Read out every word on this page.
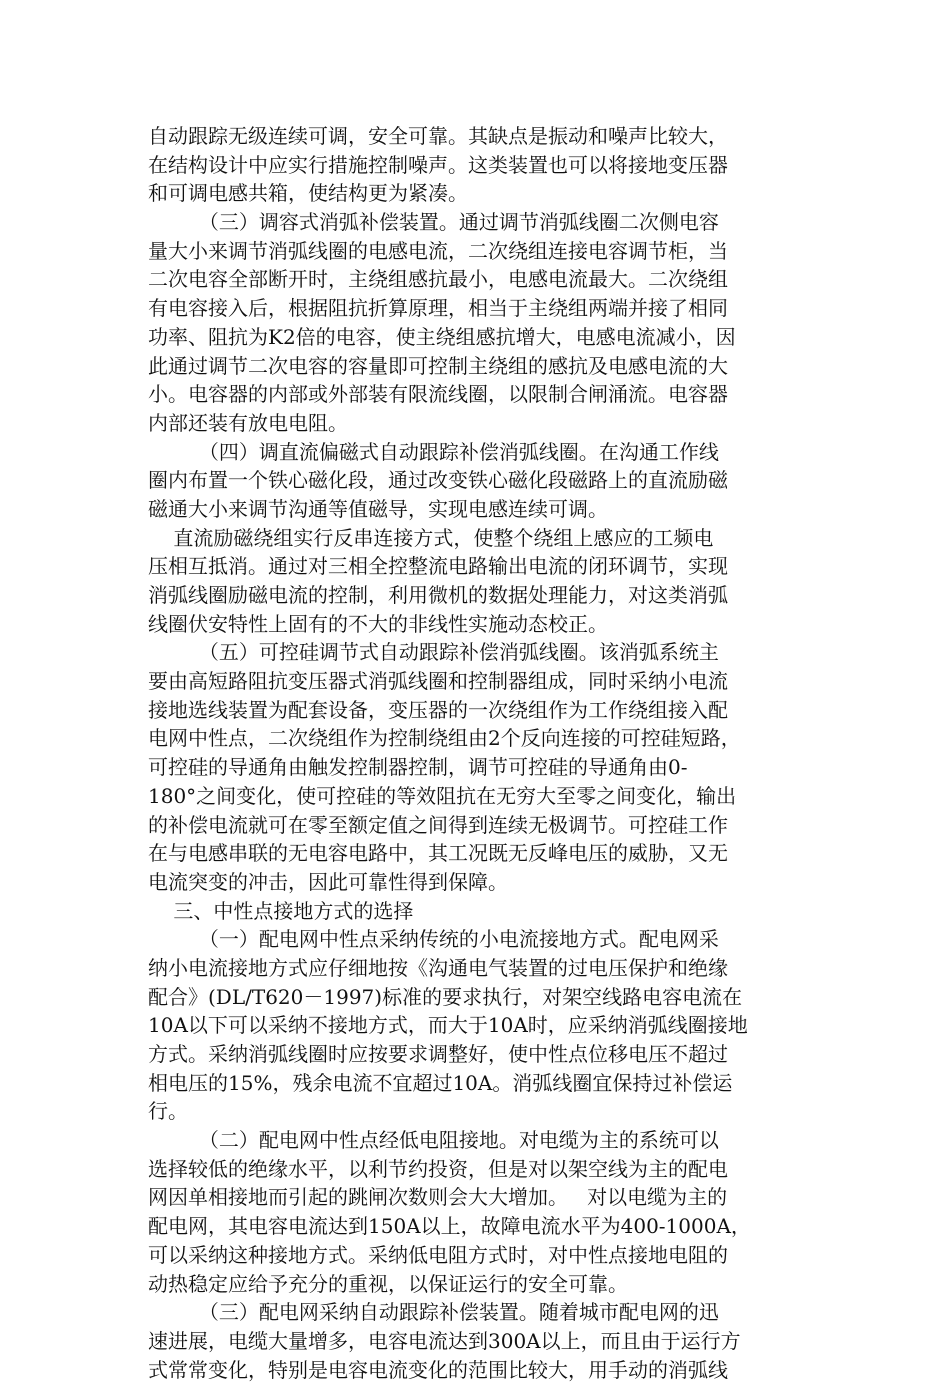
自动跟踪无级连续可调，安全可靠。其缺点是振动和噪声比较大，
在结构设计中应实行措施控制噪声。这类装置也可以将接地变压器
和可调电感共箱，使结构更为紧凑。
（三）调容式消弧补偿装置。通过调节消弧线圈二次侧电容
量大小来调节消弧线圈的电感电流，二次绕组连接电容调节柜，当
二次电容全部断开时，主绕组感抗最小，电感电流最大。二次绕组
有电容接入后，根据阻抗折算原理，相当于主绕组两端并接了相同
功率、阻抗为K2倍的电容，使主绕组感抗增大，电感电流减小，因
此通过调节二次电容的容量即可控制主绕组的感抗及电感电流的大
小。电容器的内部或外部装有限流线圈，以限制合闸涌流。电容器
内部还装有放电电阻。
（四）调直流偏磁式自动跟踪补偿消弧线圈。在沟通工作线
圈内布置一个铁心磁化段，通过改变铁心磁化段磁路上的直流励磁
磁通大小来调节沟通等值磁导，实现电感连续可调。
直流励磁绕组实行反串连接方式，使整个绕组上感应的工频电
压相互抵消。通过对三相全控整流电路输出电流的闭环调节，实现
消弧线圈励磁电流的控制，利用微机的数据处理能力，对这类消弧
线圈伏安特性上固有的不大的非线性实施动态校正。
（五）可控硅调节式自动跟踪补偿消弧线圈。该消弧系统主
要由高短路阻抗变压器式消弧线圈和控制器组成，同时采纳小电流
接地选线装置为配套设备，变压器的一次绕组作为工作绕组接入配
电网中性点，二次绕组作为控制绕组由2个反向连接的可控硅短路，
可控硅的导通角由触发控制器控制，调节可控硅的导通角由0-
180°之间变化，使可控硅的等效阻抗在无穷大至零之间变化，输出
的补偿电流就可在零至额定值之间得到连续无极调节。可控硅工作
在与电感串联的无电容电路中，其工况既无反峰电压的威胁，又无
电流突变的冲击，因此可靠性得到保障。
三、中性点接地方式的选择
（一）配电网中性点采纳传统的小电流接地方式。配电网采
纳小电流接地方式应仔细地按《沟通电气装置的过电压保护和绝缘
配合》(DL/T620－1997)标准的要求执行，对架空线路电容电流在
10A以下可以采纳不接地方式，而大于10A时，应采纳消弧线圈接地
方式。采纳消弧线圈时应按要求调整好，使中性点位移电压不超过
相电压的15%，残余电流不宜超过10A。消弧线圈宜保持过补偿运
行。
（二）配电网中性点经低电阻接地。对电缆为主的系统可以
选择较低的绝缘水平，以利节约投资，但是对以架空线为主的配电
网因单相接地而引起的跳闸次数则会大大增加。   对以电缆为主的
配电网，其电容电流达到150A以上，故障电流水平为400-1000A，
可以采纳这种接地方式。采纳低电阻方式时，对中性点接地电阻的
动热稳定应给予充分的重视，以保证运行的安全可靠。
（三）配电网采纳自动跟踪补偿装置。随着城市配电网的迅
速进展，电缆大量增多，电容电流达到300A以上，而且由于运行方
式常常变化，特别是电容电流变化的范围比较大，用手动的消弧线
